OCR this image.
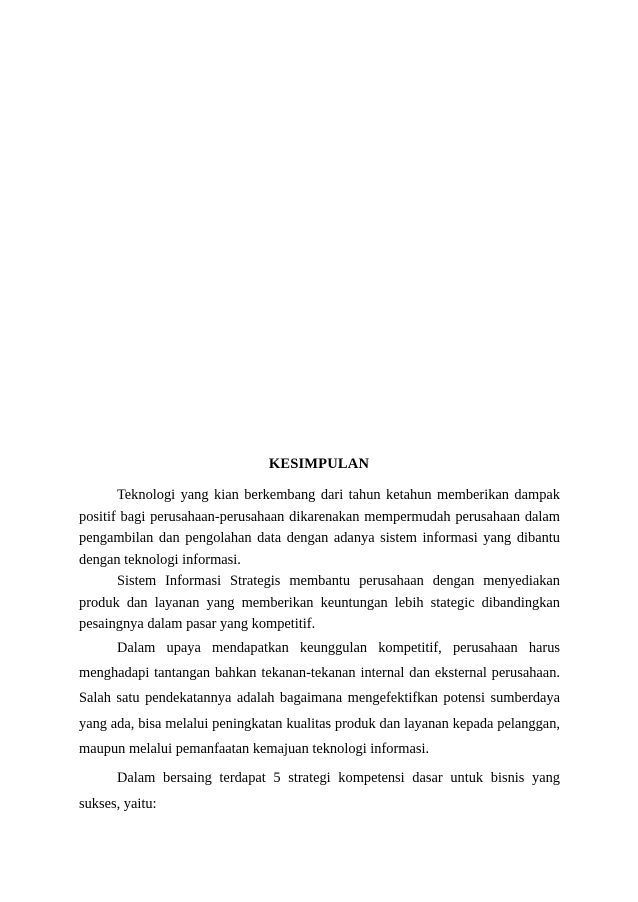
KESIMPULAN

Teknologi yang kian berkembang dari tahun ketahun memberikan dampak positif bagi perusahaan-perusahaan dikarenakan mempermudah perusahaan dalam pengambilan dan pengolahan data dengan adanya sistem informasi yang dibantu dengan teknologi informasi.

Sistem Informasi Strategis membantu perusahaan dengan menyediakan produk dan layanan yang memberikan keuntungan lebih stategic dibandingkan pesaingnya dalam pasar yang kompetitif.

Dalam upaya mendapatkan keunggulan kompetitif, perusahaan harus menghadapi tantangan bahkan tekanan-tekanan internal dan eksternal perusahaan. Salah satu pendekatannya adalah bagaimana mengefektifkan potensi sumberdaya yang ada, bisa melalui peningkatan kualitas produk dan layanan kepada pelanggan, maupun melalui pemanfaatan kemajuan teknologi informasi.

Dalam bersaing terdapat 5 strategi kompetensi dasar untuk bisnis yang sukses, yaitu:
